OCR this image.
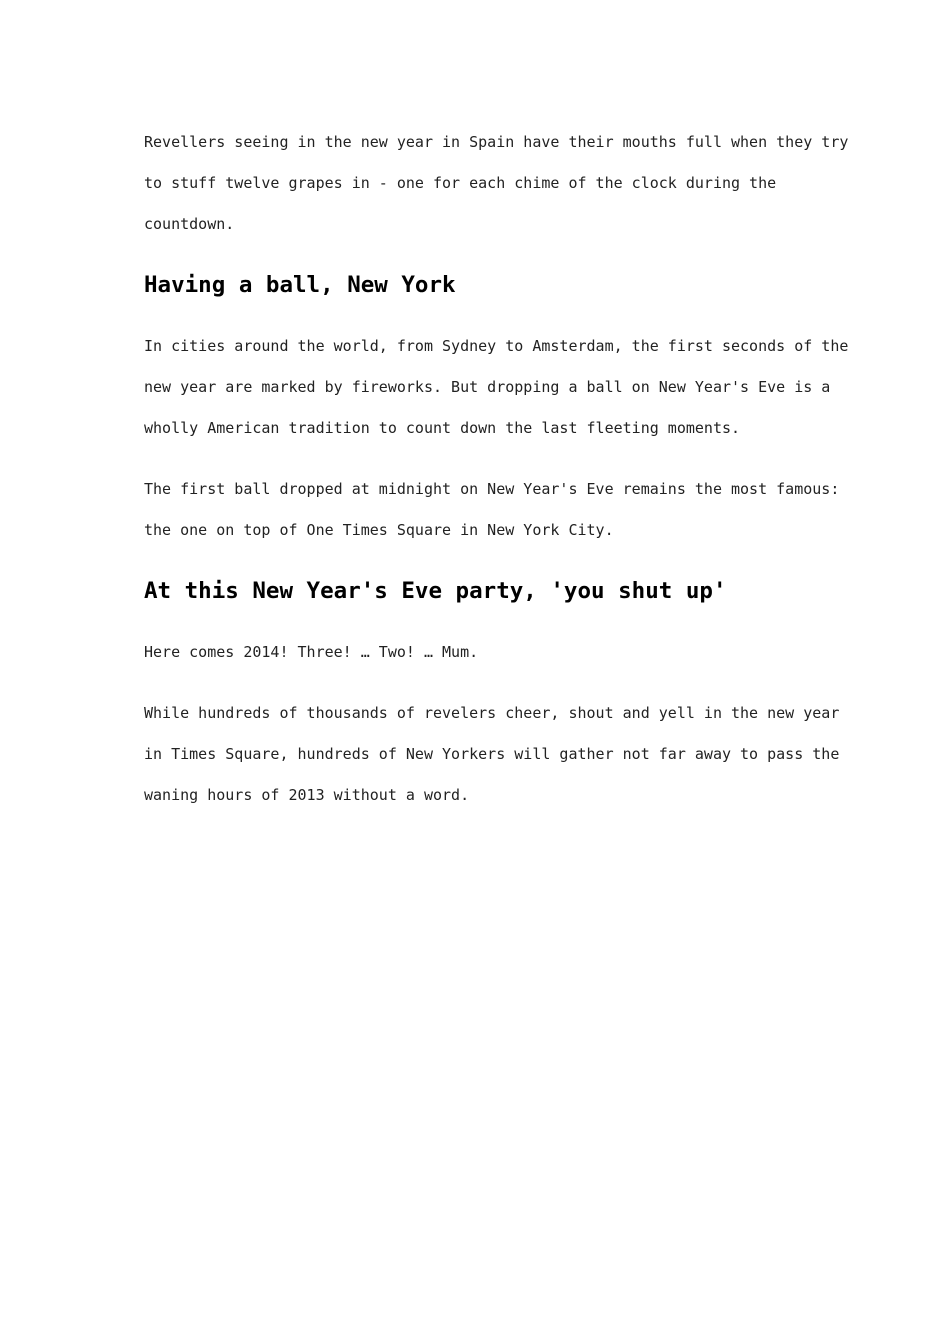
Revellers seeing in the new year in Spain have their mouths full when they try
to stuff twelve grapes in - one for each chime of the clock during the
countdown.

Having a ball, New York

In cities around the world, from Sydney to Amsterdam, the first seconds of the
new year are marked by fireworks. But dropping a ball on New Year's Eve is a
wholly American tradition to count down the last fleeting moments.

The first ball dropped at midnight on New Year's Eve remains the most famous:
the one on top of One Times Square in New York City.

At this New Year's Eve party, 'you shut up'

Here comes 2014! Three! … Two! … Mum.

While hundreds of thousands of revelers cheer, shout and yell in the new year
in Times Square, hundreds of New Yorkers will gather not far away to pass the
waning hours of 2013 without a word.
